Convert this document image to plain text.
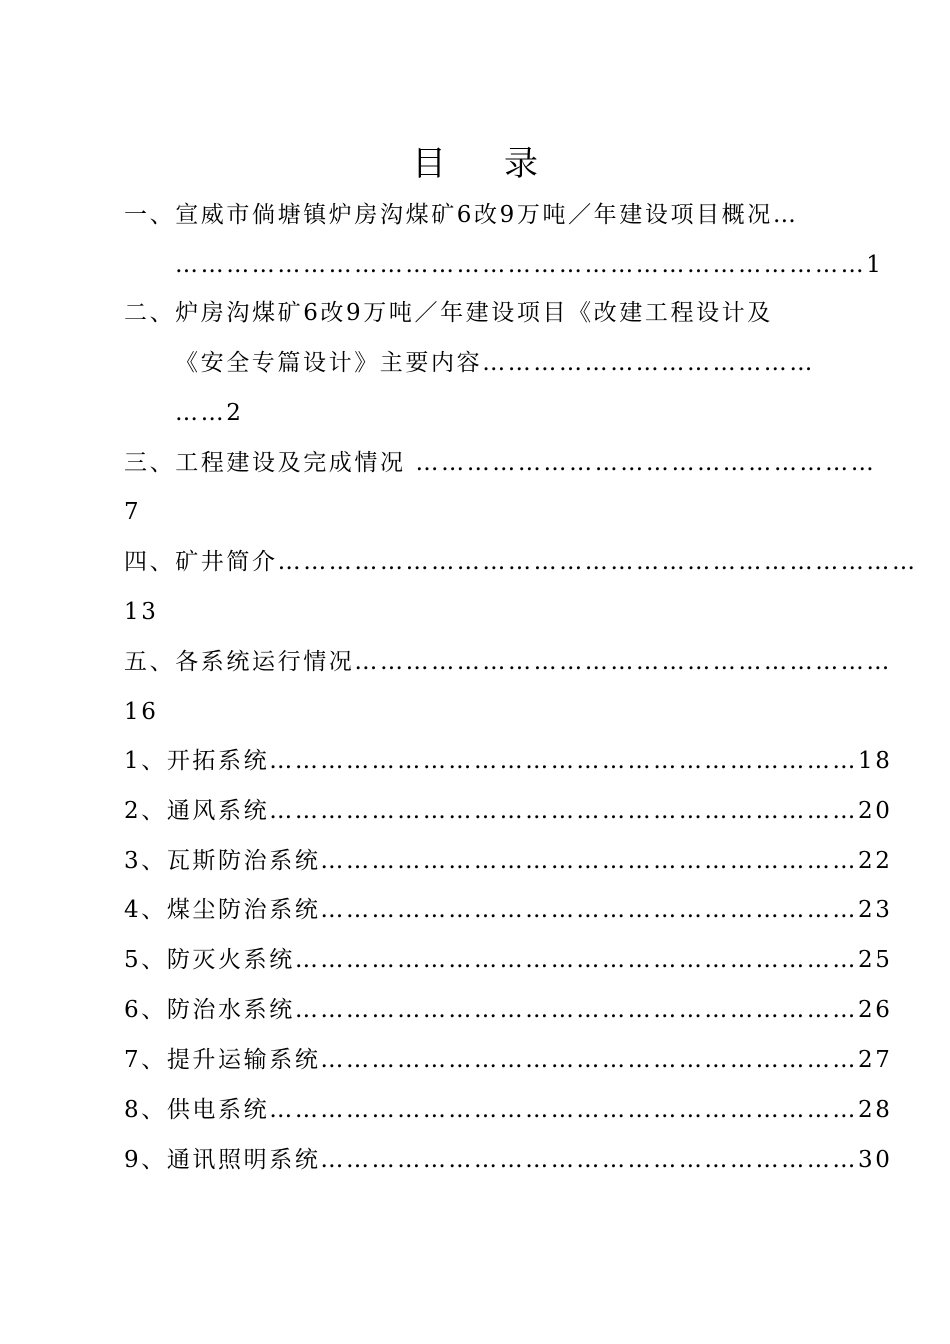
目 录
一、宣威市倘塘镇炉房沟煤矿6改9万吨／年建设项目概况…
………………………………………………………………………1
二、炉房沟煤矿6改9万吨／年建设项目《改建工程设计及
《安全专篇设计》主要内容…………………………………
……2
三、工程建设及完成情况 ………………………………………………
7
四、矿井简介…………………………………………………………………
13
五、各系统运行情况………………………………………………………
16
1、开拓系统……………………………………………………………18
2、通风系统……………………………………………………………20
3、瓦斯防治系统………………………………………………………22
4、煤尘防治系统………………………………………………………23
5、防灭火系统…………………………………………………………25
6、防治水系统…………………………………………………………26
7、提升运输系统………………………………………………………27
8、供电系统……………………………………………………………28
9、通讯照明系统………………………………………………………30
